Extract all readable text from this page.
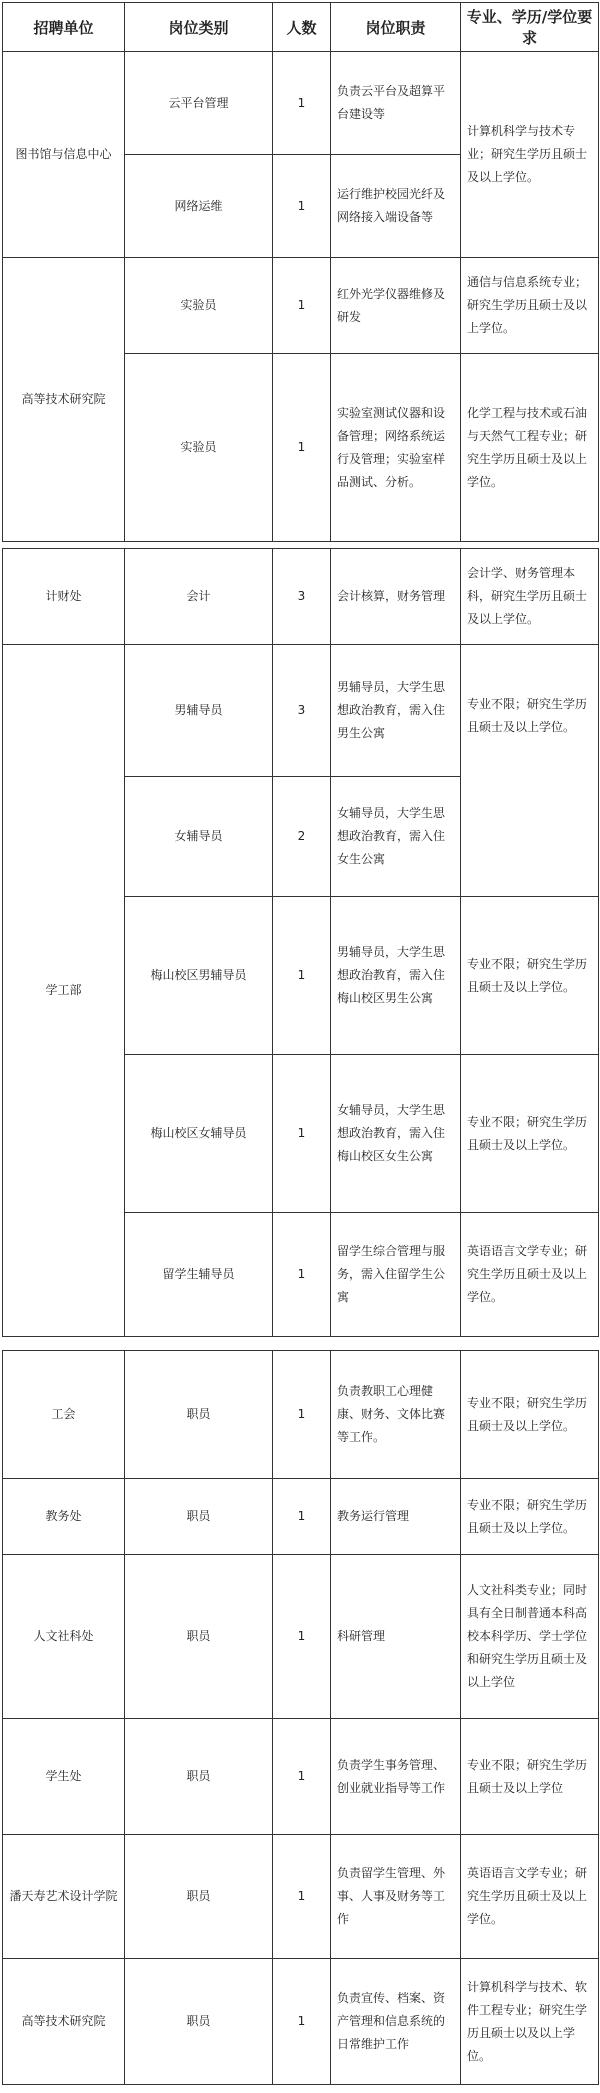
招聘单位	岗位类别	人数	岗位职责	专业、学历/学位要求
图书馆与信息中心	云平台管理	1	负责云平台及超算平台建设等	计算机科学与技术专业；研究生学历且硕士及以上学位。
	网络运维	1	运行维护校园光纤及网络接入端设备等	
高等技术研究院	实验员	1	红外光学仪器维修及研发	通信与信息系统专业；研究生学历且硕士及以上学位。
	实验员	1	实验室测试仪器和设备管理；网络系统运行及管理；实验室样品测试、分析。	化学工程与技术或石油与天然气工程专业；研究生学历且硕士及以上学位。
计财处	会计	3	会计核算，财务管理	会计学、财务管理本科，研究生学历且硕士及以上学位。
学工部	男辅导员	3	男辅导员，大学生思想政治教育，需入住男生公寓	专业不限；研究生学历且硕士及以上学位。
	女辅导员	2	女辅导员，大学生思想政治教育，需入住女生公寓	
	梅山校区男辅导员	1	男辅导员，大学生思想政治教育，需入住梅山校区男生公寓	专业不限；研究生学历且硕士及以上学位。
	梅山校区女辅导员	1	女辅导员，大学生思想政治教育，需入住梅山校区女生公寓	专业不限；研究生学历且硕士及以上学位。
	留学生辅导员	1	留学生综合管理与服务，需入住留学生公寓	英语语言文学专业；研究生学历且硕士及以上学位。
工会	职员	1	负责教职工心理健康、财务、文体比赛等工作。	专业不限；研究生学历且硕士及以上学位。
教务处	职员	1	教务运行管理	专业不限；研究生学历且硕士及以上学位。
人文社科处	职员	1	科研管理	人文社科类专业；同时具有全日制普通本科高校本科学历、学士学位和研究生学历且硕士及以上学位
学生处	职员	1	负责学生事务管理、创业就业指导等工作	专业不限；研究生学历且硕士及以上学位
潘天寿艺术设计学院	职员	1	负责留学生管理、外事、人事及财务等工作	英语语言文学专业；研究生学历且硕士及以上学位。
高等技术研究院	职员	1	负责宣传、档案、资产管理和信息系统的日常维护工作	计算机科学与技术、软件工程专业；研究生学历且硕士以及以上学位。
